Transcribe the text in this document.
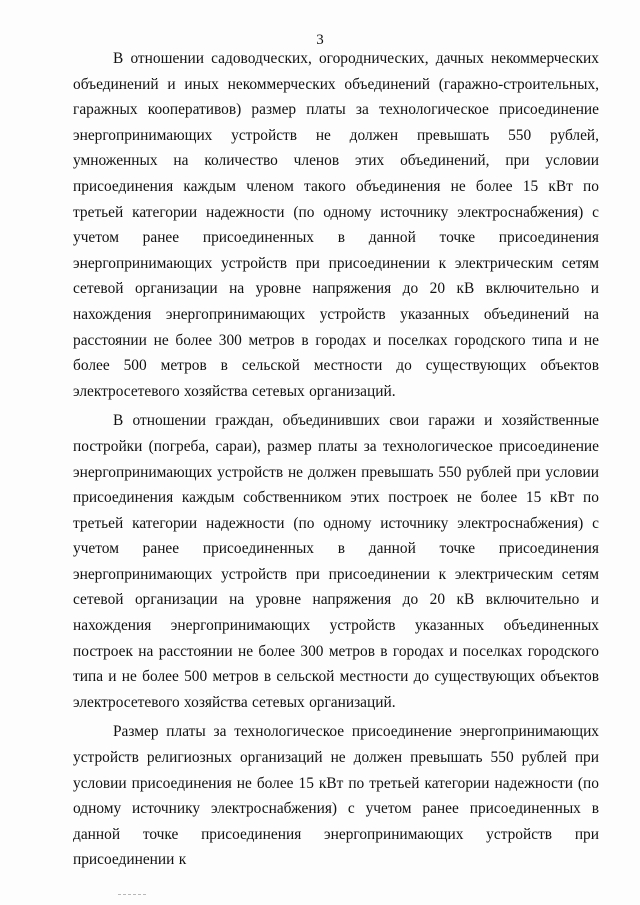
3

В отношении садоводческих, огороднических, дачных некоммерческих объединений и иных некоммерческих объединений (гаражно-строительных, гаражных кооперативов) размер платы за технологическое присоединение энергопринимающих устройств не должен превышать 550 рублей, умноженных на количество членов этих объединений, при условии присоединения каждым членом такого объединения не более 15 кВт по третьей категории надежности (по одному источнику электроснабжения) с учетом ранее присоединенных в данной точке присоединения энергопринимающих устройств при присоединении к электрическим сетям сетевой организации на уровне напряжения до 20 кВ включительно и нахождения энергопринимающих устройств указанных объединений на расстоянии не более 300 метров в городах и поселках городского типа и не более 500 метров в сельской местности до существующих объектов электросетевого хозяйства сетевых организаций.

В отношении граждан, объединивших свои гаражи и хозяйственные постройки (погреба, сараи), размер платы за технологическое присоединение энергопринимающих устройств не должен превышать 550 рублей при условии присоединения каждым собственником этих построек не более 15 кВт по третьей категории надежности (по одному источнику электроснабжения) с учетом ранее присоединенных в данной точке присоединения энергопринимающих устройств при присоединении к электрическим сетям сетевой организации на уровне напряжения до 20 кВ включительно и нахождения энергопринимающих устройств указанных объединенных построек на расстоянии не более 300 метров в городах и поселках городского типа и не более 500 метров в сельской местности до существующих объектов электросетевого хозяйства сетевых организаций.

Размер платы за технологическое присоединение энергопринимающих устройств религиозных организаций не должен превышать 550 рублей при условии присоединения не более 15 кВт по третьей категории надежности (по одному источнику электроснабжения) с учетом ранее присоединенных в данной точке присоединения энергопринимающих устройств при присоединении к
